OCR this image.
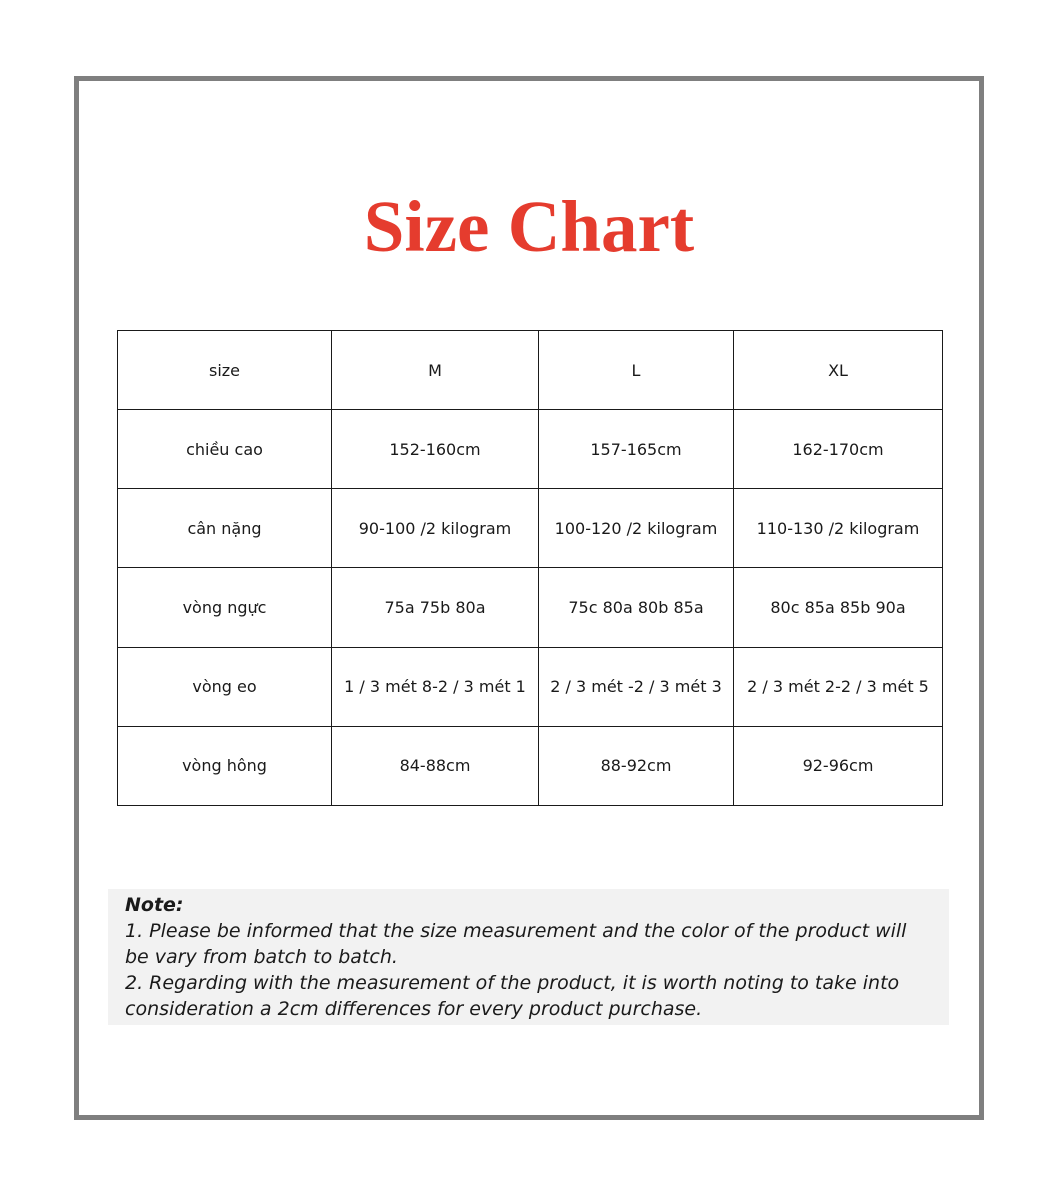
Size Chart
size	M	L	XL
chiều cao	152-160cm	157-165cm	162-170cm
cân nặng	90-100 /2 kilogram	100-120 /2 kilogram	110-130 /2 kilogram
vòng ngực	75a 75b 80a	75c 80a 80b 85a	80c 85a 85b 90a
vòng eo	1 / 3 mét 8-2 / 3 mét 1	2 / 3 mét -2 / 3 mét 3	2 / 3 mét 2-2 / 3 mét 5
vòng hông	84-88cm	88-92cm	92-96cm
Note:
1. Please be informed that the size measurement and the color of the product will be vary from batch to batch.
2. Regarding with the measurement of the product, it is worth noting to take into consideration a 2cm differences for every product purchase.
